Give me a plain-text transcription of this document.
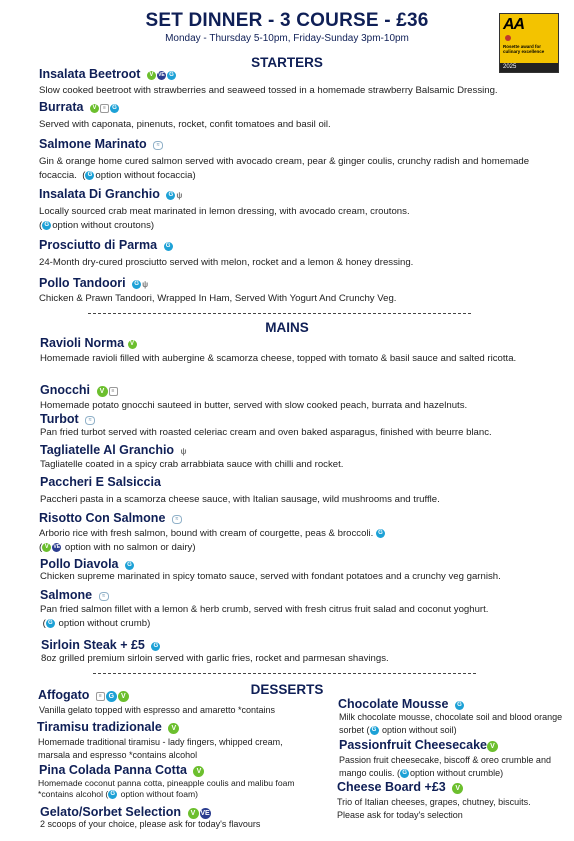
SET DINNER - 3 COURSE - £36
Monday - Thursday 5-10pm, Friday-Sunday 3pm-10pm
AA
Rosette award for culinary excellence
2025
STARTERS
Insalata Beetroot V VE G
Slow cooked beetroot with strawberries and seaweed tossed in a homemade strawberry Balsamic Dressing.
Burrata V ≡ G
Served with caponata, pinenuts, rocket, confit tomatoes and basil oil.
Salmone Marinato ≈
Gin & orange home cured salmon served with avocado cream, pear & ginger coulis, crunchy radish and homemade focaccia.  ( G option without focaccia)
Insalata Di Granchio G ψ
Locally sourced crab meat marinated in lemon dressing, with avocado cream, croutons.
( G option without croutons)
Prosciutto di Parma G
24-Month dry-cured prosciutto served with melon, rocket and a lemon & honey dressing.
Pollo Tandoori G ψ
Chicken & Prawn Tandoori, Wrapped In Ham, Served With Yogurt And Crunchy Veg.
MAINS
Ravioli Norma V
Homemade ravioli filled with aubergine & scamorza cheese, topped with tomato & basil sauce and salted ricotta.
Gnocchi V ≡
Homemade potato gnocchi sauteed in butter, served with slow cooked peach, burrata and hazelnuts.
Turbot ≈
Pan fried turbot served with roasted celeriac cream and oven baked asparagus, finished with beurre blanc.
Tagliatelle Al Granchio ψ
Tagliatelle coated in a spicy crab arrabbiata sauce with chilli and rocket.
Paccheri E Salsiccia
Paccheri pasta in a scamorza cheese sauce, with Italian sausage, wild mushrooms and truffle.
Risotto Con Salmone ≈
Arborio rice with fresh salmon, bound with cream of courgette, peas & broccoli. G
( V VE option with no salmon or dairy)
Pollo Diavola G
Chicken supreme marinated in spicy tomato sauce, served with fondant potatoes and a crunchy veg garnish.
Salmone ≈
Pan fried salmon fillet with a lemon & herb crumb, served with fresh citrus fruit salad and coconut yoghurt.
( G option without crumb)
Sirloin Steak + £5 G
8oz grilled premium sirloin served with garlic fries, rocket and parmesan shavings.
DESSERTS
Affogato ≡ G V
Vanilla gelato topped with espresso and amaretto *contains
Tiramisu tradizionale V
Homemade traditional tiramisu - lady fingers, whipped cream, marsala and espresso *contains alcohol
Pina Colada Panna Cotta V
Homemade coconut panna cotta, pineapple coulis and malibu foam
*contains alcohol ( G option without foam)
Gelato/Sorbet Selection V VE
2 scoops of your choice, please ask for today's flavours
Chocolate Mousse G
Milk chocolate mousse, chocolate soil and blood orange sorbet ( G option without soil)
Passionfruit Cheesecake V
Passion fruit cheesecake, biscoff & oreo crumble and mango coulis. ( G option without crumble)
Cheese Board +£3 V
Trio of Italian cheeses, grapes, chutney, biscuits. Please ask for today's selection
